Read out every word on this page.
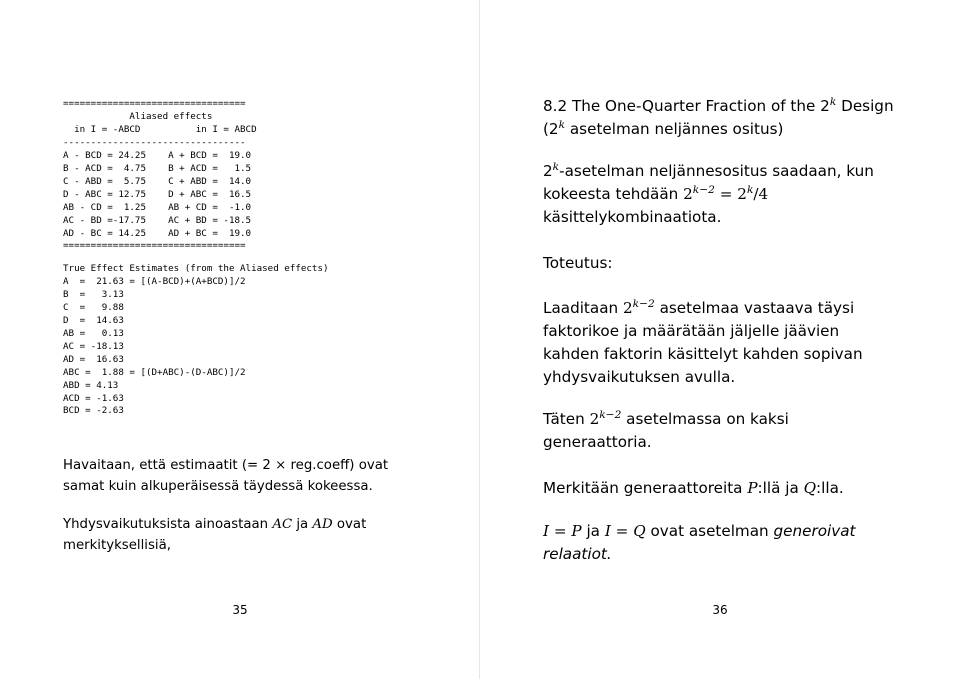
=================================
Aliased effects
in I = -ABCD          in I = ABCD
---------------------------------
A - BCD = 24.25    A + BCD =  19.0
B - ACD =  4.75    B + ACD =   1.5
C - ABD =  5.75    C + ABD =  14.0
D - ABC = 12.75    D + ABC =  16.5
AB - CD =  1.25    AB + CD =  -1.0
AC - BD =-17.75    AC + BD = -18.5
AD - BC = 14.25    AD + BC =  19.0
=================================
True Effect Estimates (from the Aliased effects)
A  =  21.63 = [(A-BCD)+(A+BCD)]/2
B  =   3.13
C  =   9.88
D  =  14.63
AB =   0.13
AC = -18.13
AD =  16.63
ABC =  1.88 = [(D+ABC)-(D-ABC)]/2
ABD = 4.13
ACD = -1.63
BCD = -2.63

Havaitaan, että estimaatit (= 2 × reg.coeff) ovat samat kuin alkuperäisessä täydessä kokeessa.

Yhdysvaikutuksista ainoastaan AC ja AD ovat merkityksellisiä,

35

8.2 The One-Quarter Fraction of the 2$^k$ Design (2$^k$ asetelman neljännes ositus)

2$^k$-asetelman neljännesositus saadaan, kun kokeesta tehdään $2^{k-2} = 2^k/4$ käsittelykombinaatiota.

Toteutus:

Laaditaan $2^{k-2}$ asetelmaa vastaava täysi faktorikoe ja määrätään jäljelle jäävien kahden faktorin käsittelyt kahden sopivan yhdysvaikutuksen avulla.

Täten $2^{k-2}$ asetelmassa on kaksi generaattoria.

Merkitään generaattoreita P:llä ja Q:lla.

I = P ja I = Q ovat asetelman generoivat relaatiot.

36
